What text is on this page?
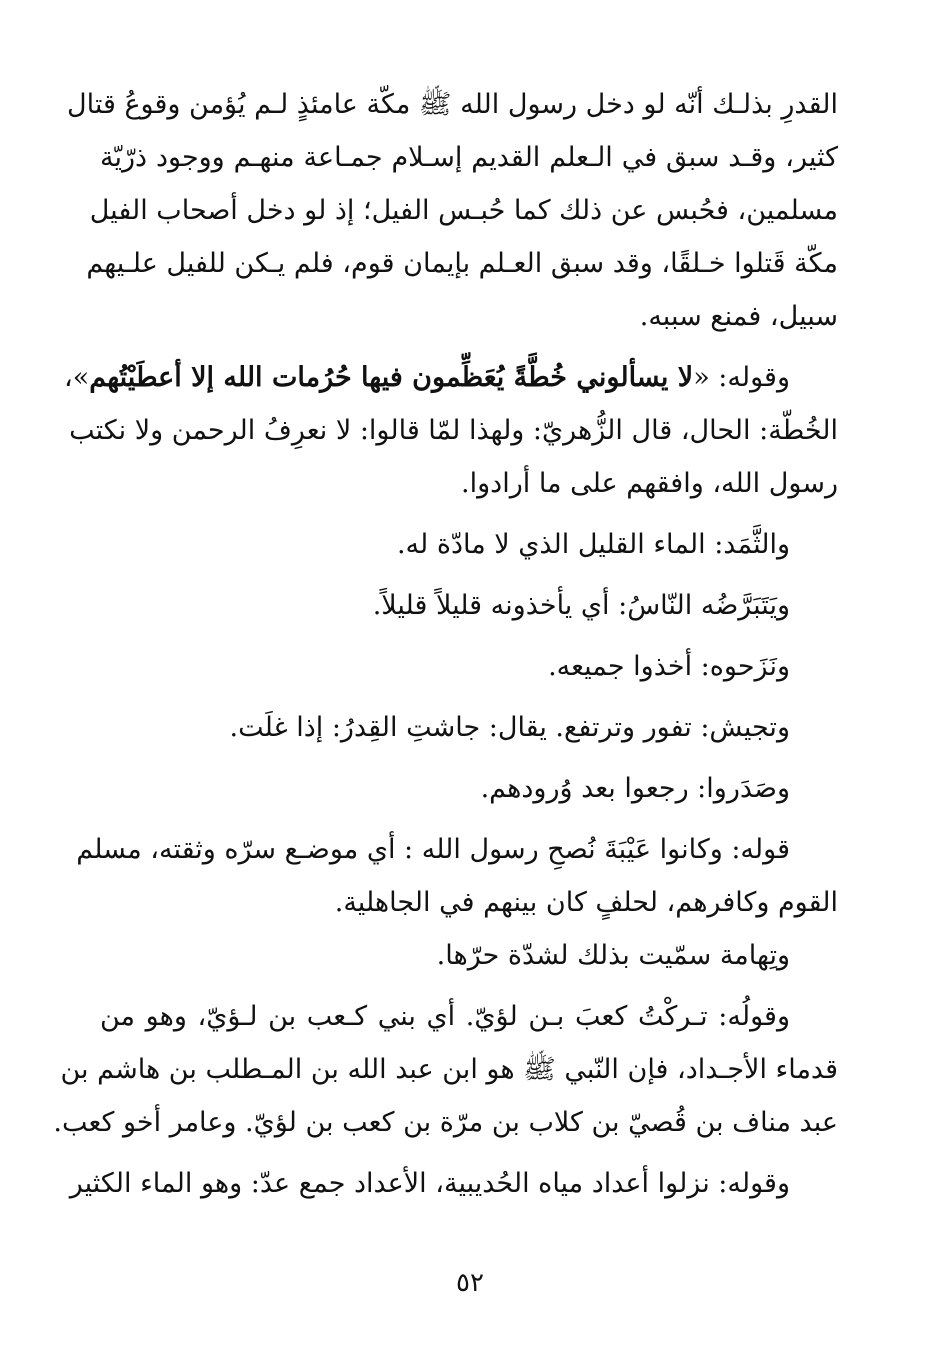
القدرِ بذلـك أنّه لو دخل رسول الله ﷺ مكّة عامئذٍ لـم يُؤمن وقوعُ قتال
كثير، وقـد سبق في الـعلم القديم إسـلام جمـاعة منهـم ووجود ذرّيّة
مسلمين، فحُبس عن ذلك كما حُبـس الفيل؛ إذ لو دخل أصحاب الفيل
مكّة قَتلوا خـلقًا، وقد سبق العـلم بإيمان قوم، فلم يـكن للفيل علـيهم
سبيل، فمنع سببه.
وقوله: «لا يسألوني خُطَّةً يُعَظِّمون فيها حُرُمات الله إلا أعطَيْتُهم»،
الخُطّة: الحال، قال الزُّهريّ: ولهذا لمّا قالوا: لا نعرِفُ الرحمن ولا نكتب
رسول الله، وافقهم على ما أرادوا.
والثَّمَد: الماء القليل الذي لا مادّة له.
ويَتَبَرَّضُه النّاسُ: أي يأخذونه قليلاً قليلاً.
ونَزَحوه: أخذوا جميعه.
وتجيش: تفور وترتفع. يقال: جاشتِ القِدرُ: إذا غلَت.
وصَدَروا: رجعوا بعد وُرودهم.
قوله: وكانوا عَيْبَةَ نُصحِ رسول الله : أي موضـع سرّه وثقته، مسلم
القوم وكافرهم، لحلفٍ كان بينهم في الجاهلية.
وتِهامة سمّيت بذلك لشدّة حرّها.
وقولُه: تـركْتُ كعبَ بـن لؤيّ. أي بني كـعب بن لـؤيّ، وهو من
قدماء الأجـداد، فإن النّبي ﷺ هو ابن عبد الله بن المـطلب بن هاشم بن
عبد مناف بن قُصيّ بن كلاب بن مرّة بن كعب بن لؤيّ. وعامر أخو كعب.
وقوله: نزلوا أعداد مياه الحُديبية، الأعداد جمع عدّ: وهو الماء الكثير
٥٢
